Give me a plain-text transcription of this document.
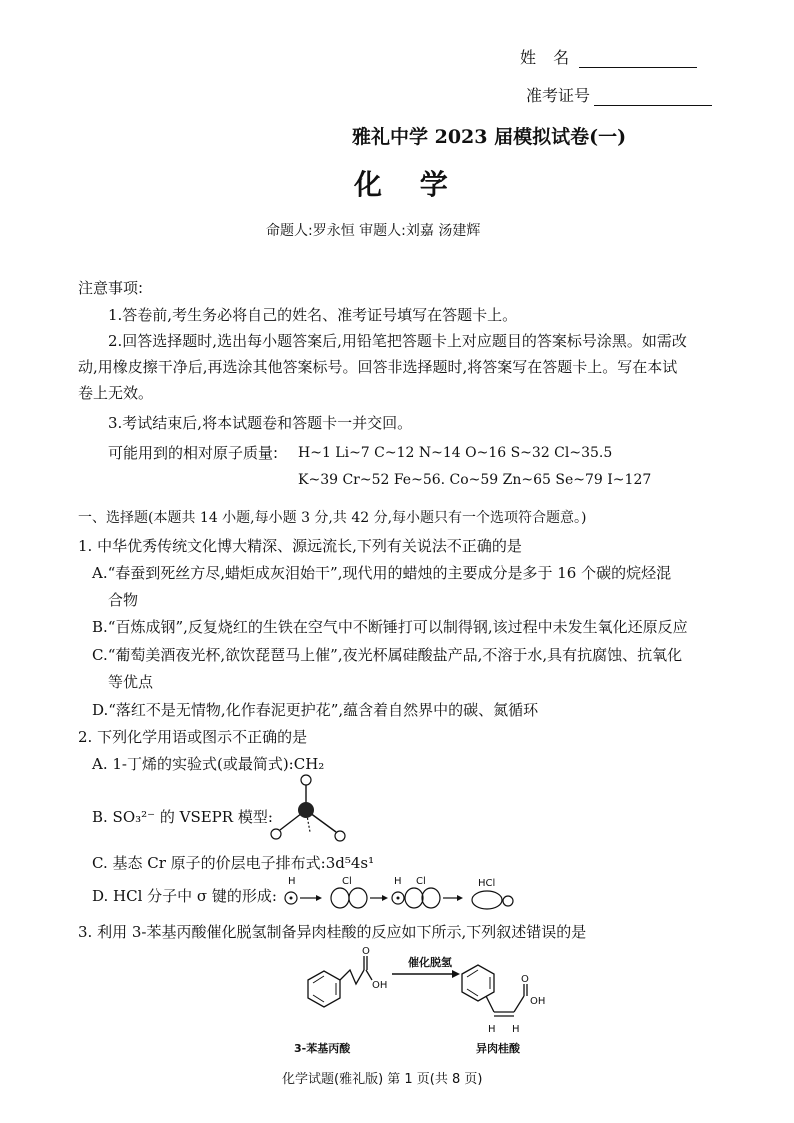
姓 名
准考证号
雅礼中学 2023 届模拟试卷(一)
化 学
命题人:罗永恒 审题人:刘嘉 汤建辉
注意事项:
1.答卷前,考生务必将自己的姓名、准考证号填写在答题卡上。
2.回答选择题时,选出每小题答案后,用铅笔把答题卡上对应题目的答案标号涂黑。如需改
动,用橡皮擦干净后,再选涂其他答案标号。回答非选择题时,将答案写在答题卡上。写在本试
卷上无效。
3.考试结束后,将本试题卷和答题卡一并交回。
可能用到的相对原子质量: H~1 Li~7 C~12 N~14 O~16 S~32 Cl~35.5
K~39 Cr~52 Fe~56. Co~59 Zn~65 Se~79 I~127
一、选择题(本题共 14 小题,每小题 3 分,共 42 分,每小题只有一个选项符合题意。)
1. 中华优秀传统文化博大精深、源远流长,下列有关说法不正确的是
A.“春蚕到死丝方尽,蜡炬成灰泪始干”,现代用的蜡烛的主要成分是多于 16 个碳的烷烃混
合物
B.“百炼成钢”,反复烧红的生铁在空气中不断锤打可以制得钢,该过程中未发生氧化还原反应
C.“葡萄美酒夜光杯,欲饮琵琶马上催”,夜光杯属硅酸盐产品,不溶于水,具有抗腐蚀、抗氧化
等优点
D.“落红不是无情物,化作春泥更护花”,蕴含着自然界中的碳、氮循环
2. 下列化学用语或图示不正确的是
A. 1-丁烯的实验式(或最简式):CH₂
B. SO₃²⁻ 的 VSEPR 模型:
C. 基态 Cr 原子的价层电子排布式:3d⁵4s¹
D. HCl 分子中 σ 键的形成:
H	Cl	H Cl	HCl
3. 利用 3-苯基丙酸催化脱氢制备异肉桂酸的反应如下所示,下列叙述错误的是
O
OH
催化脱氢
O
OH
H H
3-苯基丙酸	异肉桂酸
化学试题(雅礼版) 第 1 页(共 8 页)
